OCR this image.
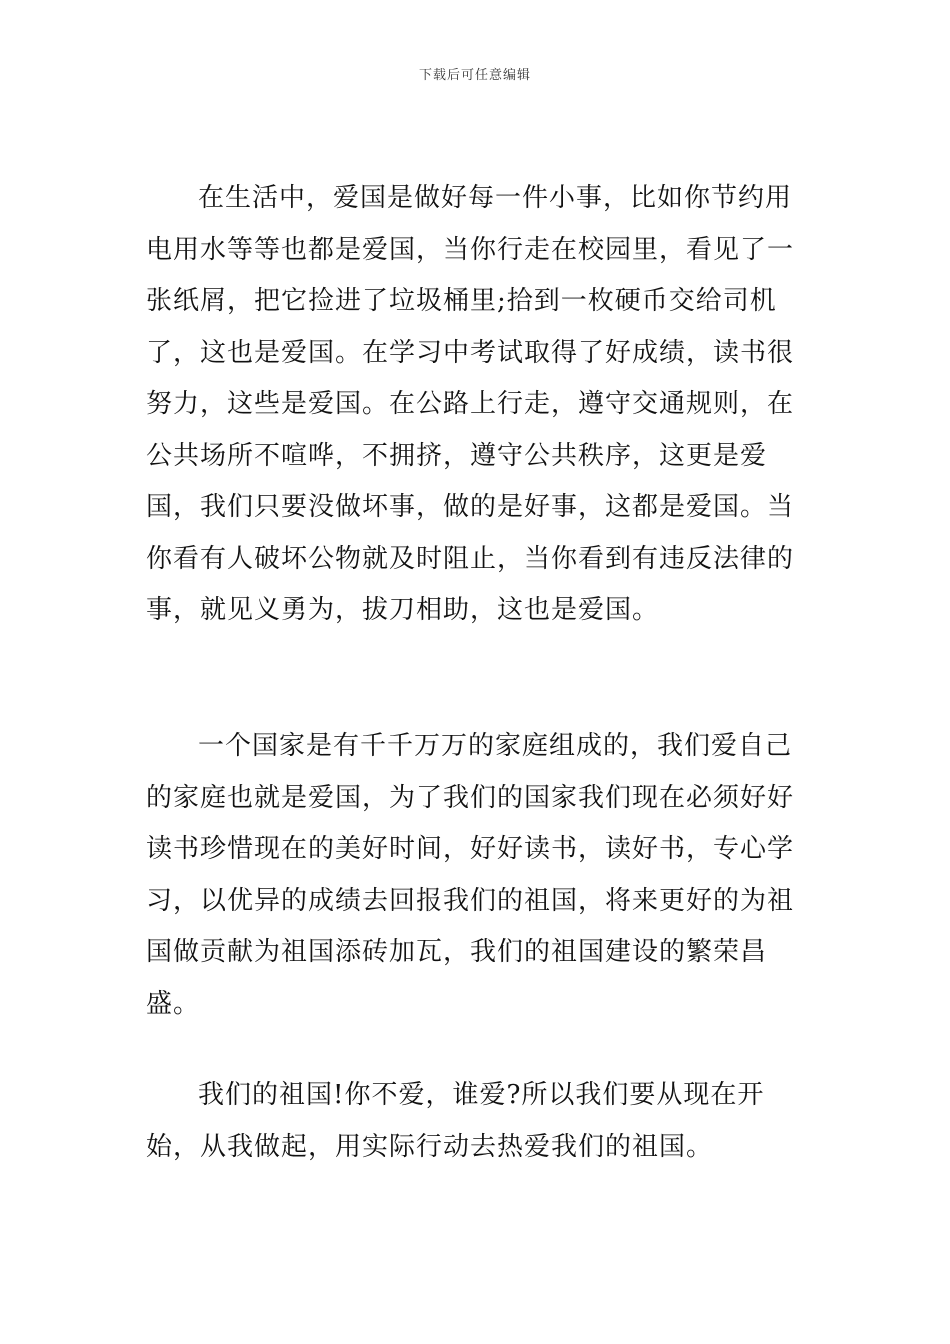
下载后可任意编辑

在生活中，爱国是做好每一件小事，比如你节约用电用水等等也都是爱国，当你行走在校园里，看见了一张纸屑，把它捡进了垃圾桶里;拾到一枚硬币交给司机了，这也是爱国。在学习中考试取得了好成绩，读书很努力，这些是爱国。在公路上行走，遵守交通规则，在公共场所不喧哗，不拥挤，遵守公共秩序，这更是爱国，我们只要没做坏事，做的是好事，这都是爱国。当你看有人破坏公物就及时阻止，当你看到有违反法律的事，就见义勇为，拔刀相助，这也是爱国。

一个国家是有千千万万的家庭组成的，我们爱自己的家庭也就是爱国，为了我们的国家我们现在必须好好读书珍惜现在的美好时间，好好读书，读好书，专心学习，以优异的成绩去回报我们的祖国，将来更好的为祖国做贡献为祖国添砖加瓦，我们的祖国建设的繁荣昌盛。

我们的祖国!你不爱，谁爱?所以我们要从现在开始，从我做起，用实际行动去热爱我们的祖国。
